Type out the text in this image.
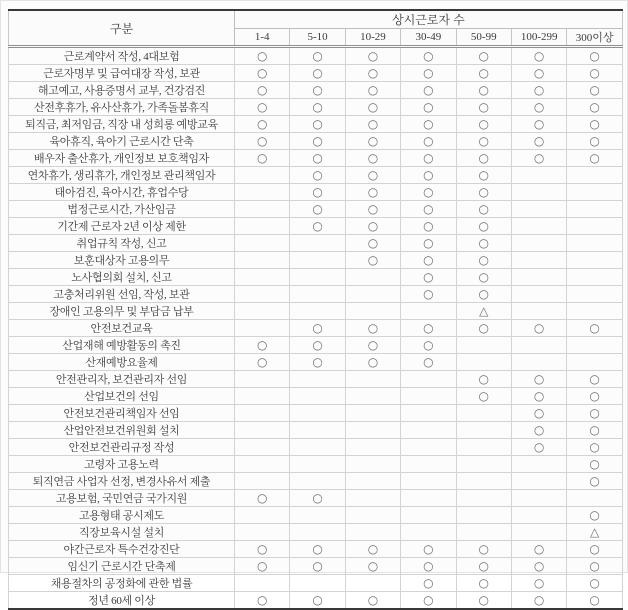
구분	상시근로자 수						
	1-4	5-10	10-29	30-49	50-99	100-299	300이상
근로계약서 작성, 4대보험	○	○	○	○	○	○	○
근로자명부 및 급여대장 작성, 보관	○	○	○	○	○	○	○
해고예고, 사용증명서 교부, 건강검진	○	○	○	○	○	○	○
산전후휴가, 유사산휴가, 가족돌봄휴직	○	○	○	○	○	○	○
퇴직금, 최저임금, 직장 내 성희롱 예방교육	○	○	○	○	○	○	○
육아휴직, 육아기 근로시간 단축	○	○	○	○	○	○	○
배우자 출산휴가, 개인정보 보호책임자	○	○	○	○	○	○	○
연차휴가, 생리휴가, 개인정보 관리책임자		○	○	○	○		
태아검진, 육아시간, 휴업수당		○	○	○	○		
법정근로시간, 가산임금		○	○	○	○		
기간제 근로자 2년 이상 제한		○	○	○	○		
취업규칙 작성, 신고			○	○	○		
보훈대상자 고용의무			○	○	○		
노사협의회 설치, 신고				○	○		
고충처리위원 선임, 작성, 보관				○	○		
장애인 고용의무 및 부담금 납부					△		
안전보건교육		○	○	○	○	○	○
산업재해 예방활동의 촉진	○	○	○	○			
산재예방요율제	○	○	○	○			
안전관리자, 보건관리자 선임					○	○	○
산업보건의 선임					○	○	○
안전보건관리책임자 선임						○	○
산업안전보건위원회 설치						○	○
안전보건관리규정 작성						○	○
고령자 고용노력							○
퇴직연금 사업자 선정, 변경사유서 제출							○
고용보험, 국민연금 국가지원	○	○					
고용형태 공시제도							○
직장보육시설 설치							△
야간근로자 특수건강진단	○	○	○	○	○	○	○
임신기 근로시간 단축제	○	○	○	○	○	○	○
채용절차의 공정화에 관한 법률				○	○	○	○
정년 60세 이상	○	○	○	○	○	○	○
